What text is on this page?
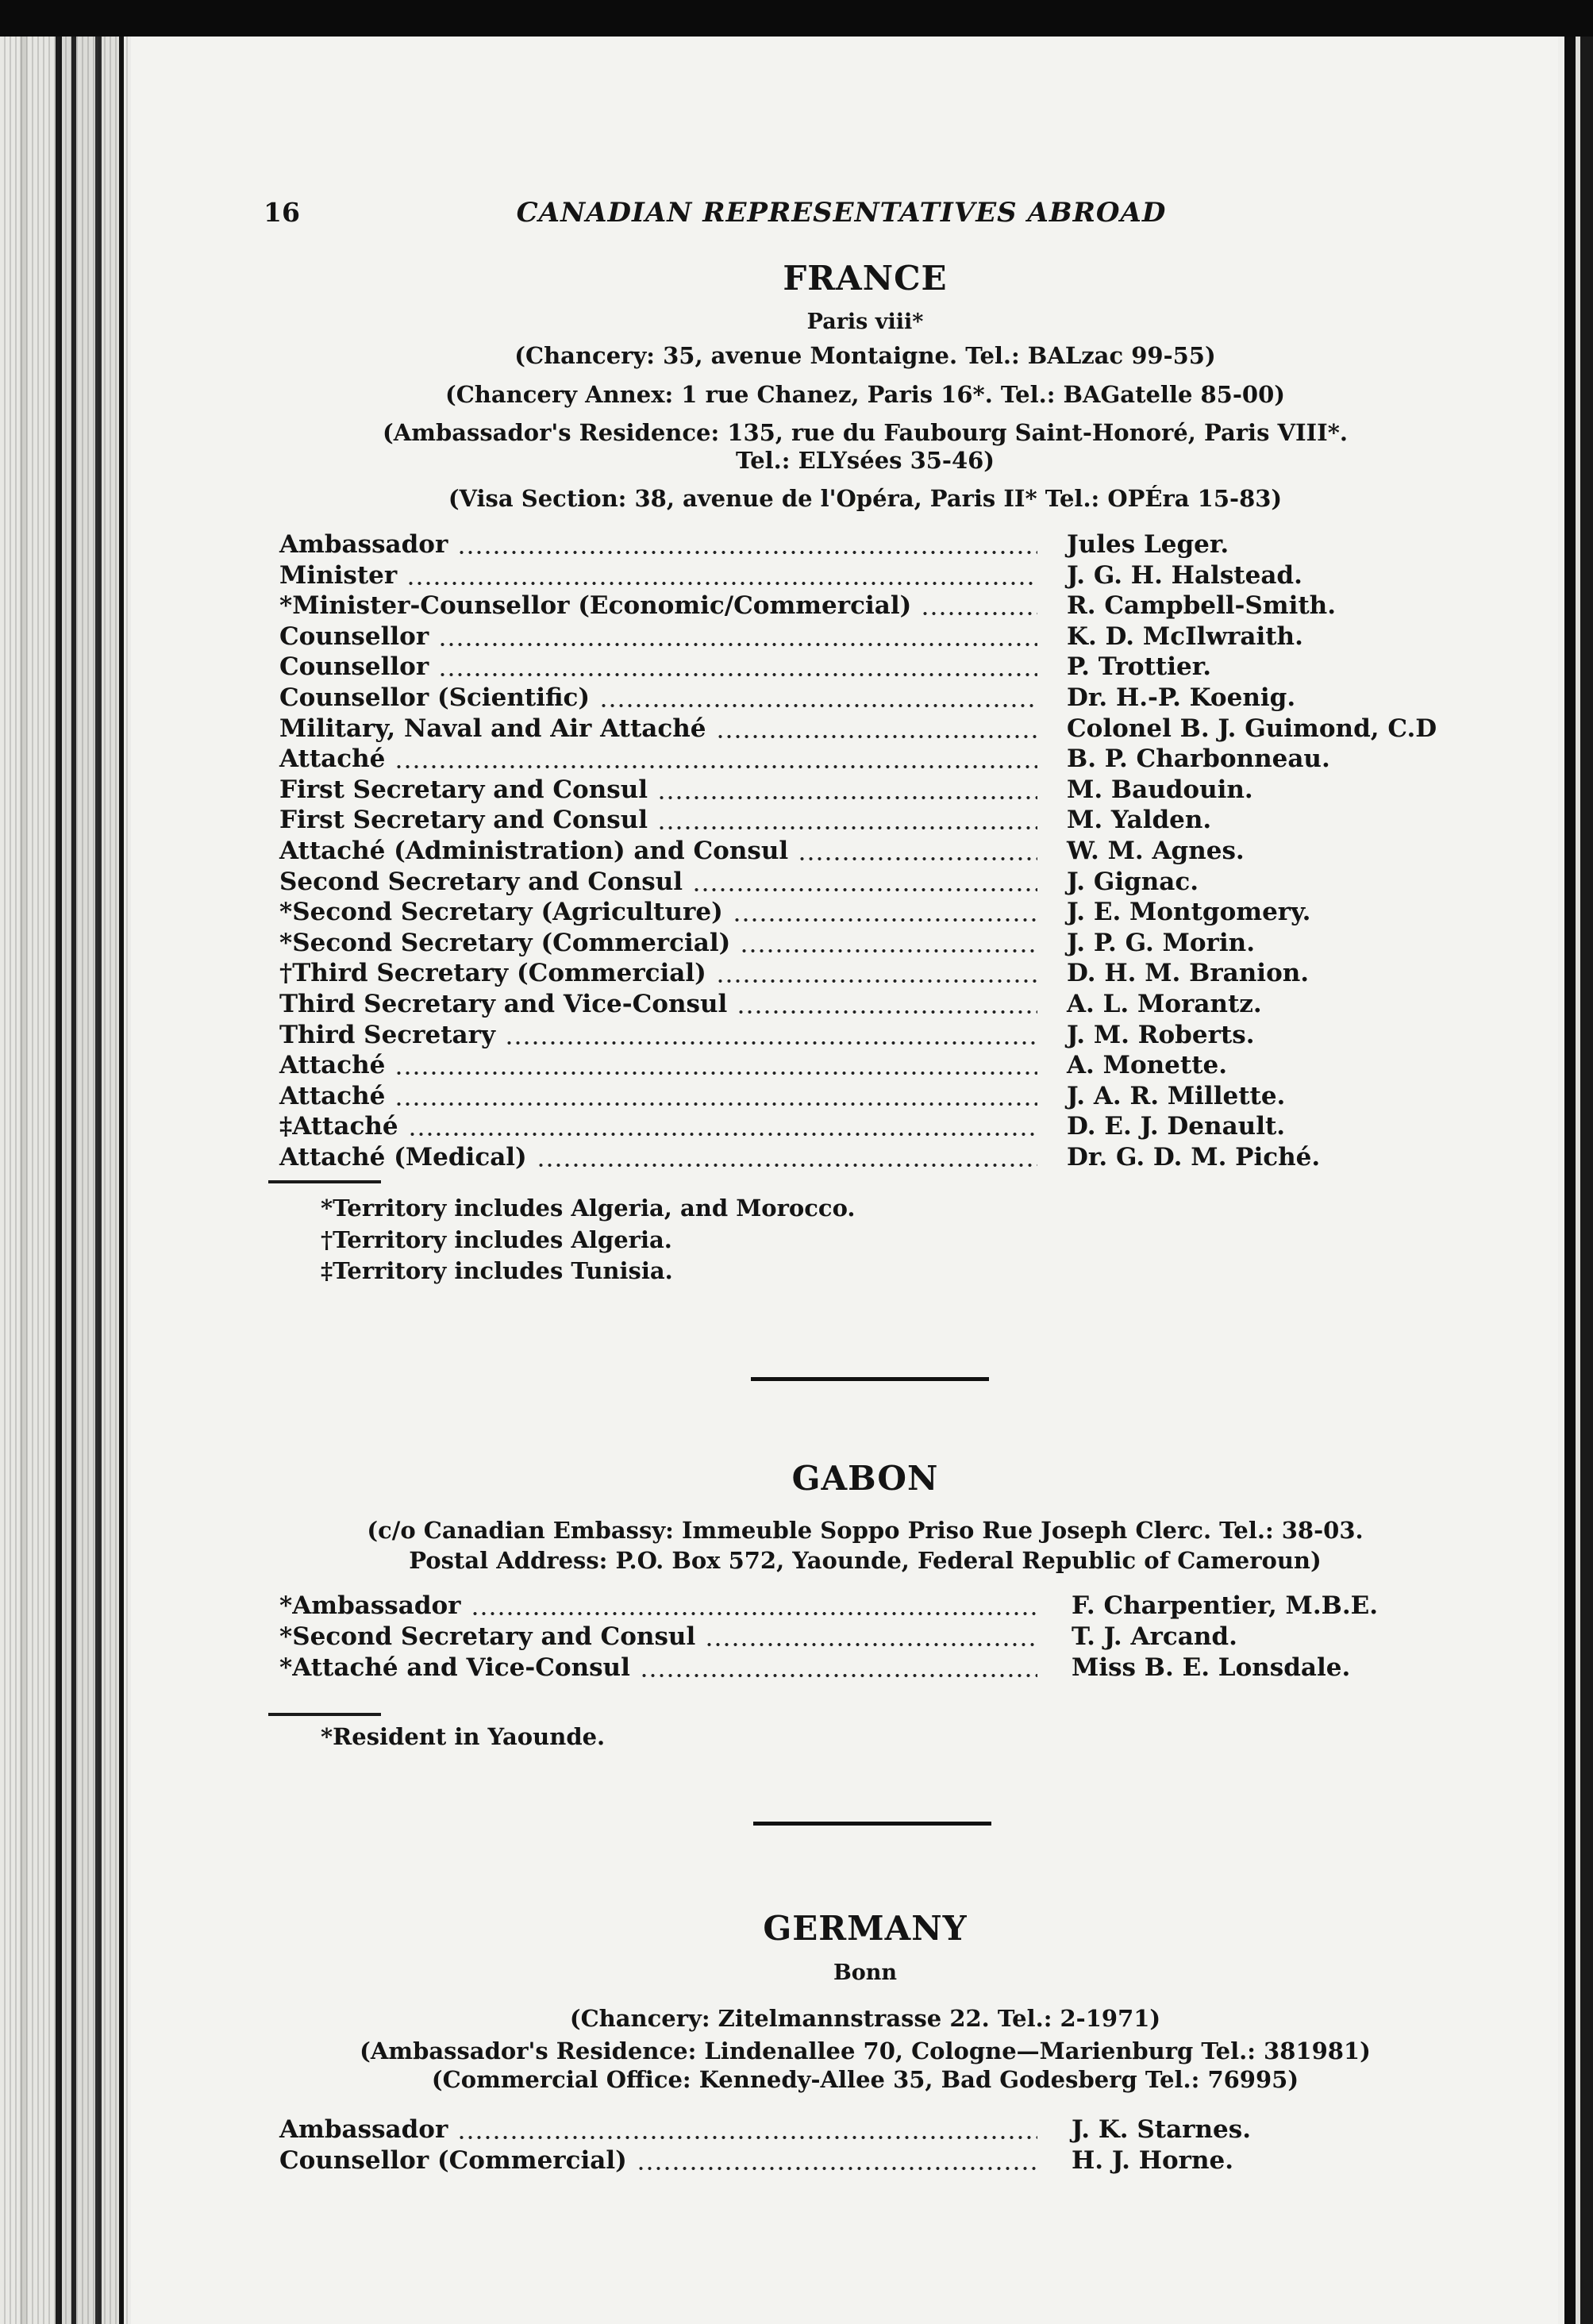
16	CANADIAN REPRESENTATIVES ABROAD
FRANCE
Paris viii*
(Chancery: 35, avenue Montaigne. Tel.: BALzac 99-55)
(Chancery Annex: 1 rue Chanez, Paris 16*. Tel.: BAGatelle 85-00)
(Ambassador's Residence: 135, rue du Faubourg Saint-Honoré, Paris VIII*.
Tel.: ELYsées 35-46)
(Visa Section: 38, avenue de l'Opéra, Paris II* Tel.: OPÉra 15-83)
Ambassador	Jules Leger.
Minister	J. G. H. Halstead.
*Minister-Counsellor (Economic/Commercial)	R. Campbell-Smith.
Counsellor	K. D. McIlwraith.
Counsellor	P. Trottier.
Counsellor (Scientific)	Dr. H.-P. Koenig.
Military, Naval and Air Attaché	Colonel B. J. Guimond, C.D
Attaché	B. P. Charbonneau.
First Secretary and Consul	M. Baudouin.
First Secretary and Consul	M. Yalden.
Attaché (Administration) and Consul	W. M. Agnes.
Second Secretary and Consul	J. Gignac.
*Second Secretary (Agriculture)	J. E. Montgomery.
*Second Secretary (Commercial)	J. P. G. Morin.
†Third Secretary (Commercial)	D. H. M. Branion.
Third Secretary and Vice-Consul	A. L. Morantz.
Third Secretary	J. M. Roberts.
Attaché	A. Monette.
Attaché	J. A. R. Millette.
‡Attaché	D. E. J. Denault.
Attaché (Medical)	Dr. G. D. M. Piché.
*Territory includes Algeria, and Morocco.
†Territory includes Algeria.
‡Territory includes Tunisia.
GABON
(c/o Canadian Embassy: Immeuble Soppo Priso Rue Joseph Clerc. Tel.: 38-03.
Postal Address: P.O. Box 572, Yaounde, Federal Republic of Cameroun)
*Ambassador	F. Charpentier, M.B.E.
*Second Secretary and Consul	T. J. Arcand.
*Attaché and Vice-Consul	Miss B. E. Lonsdale.
*Resident in Yaounde.
GERMANY
Bonn
(Chancery: Zitelmannstrasse 22. Tel.: 2-1971)
(Ambassador's Residence: Lindenallee 70, Cologne—Marienburg Tel.: 381981)
(Commercial Office: Kennedy-Allee 35, Bad Godesberg Tel.: 76995)
Ambassador	J. K. Starnes.
Counsellor (Commercial)	H. J. Horne.
